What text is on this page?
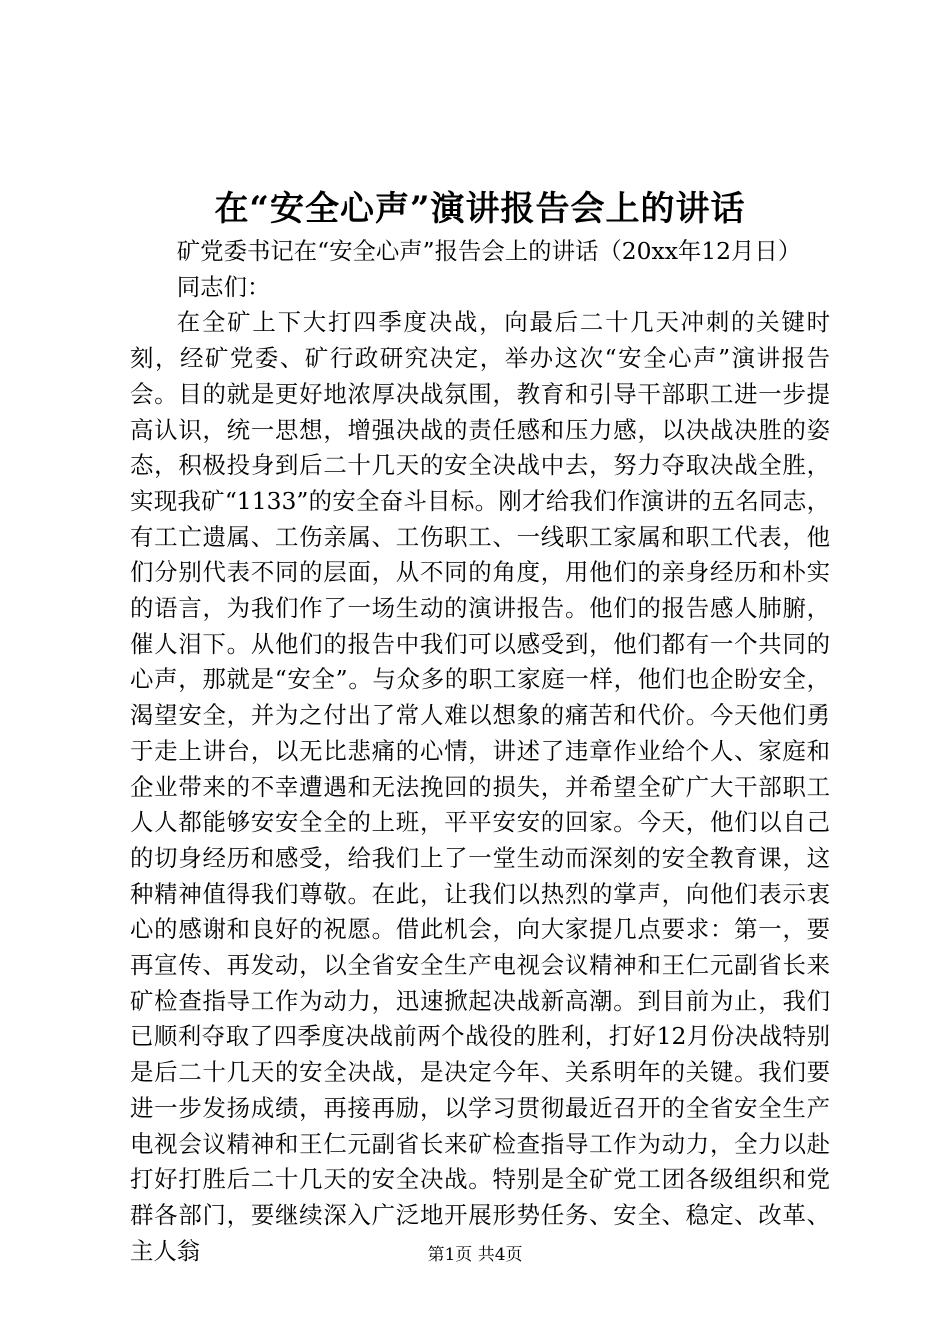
在“安全心声”演讲报告会上的讲话

矿党委书记在“安全心声”报告会上的讲话（20xx年12月日）

同志们：

在全矿上下大打四季度决战，向最后二十几天冲刺的关键时刻，经矿党委、矿行政研究决定，举办这次“安全心声”演讲报告会。目的就是更好地浓厚决战氛围，教育和引导干部职工进一步提高认识，统一思想，增强决战的责任感和压力感，以决战决胜的姿态，积极投身到后二十几天的安全决战中去，努力夺取决战全胜，实现我矿“1133”的安全奋斗目标。刚才给我们作演讲的五名同志，有工亡遗属、工伤亲属、工伤职工、一线职工家属和职工代表，他们分别代表不同的层面，从不同的角度，用他们的亲身经历和朴实的语言，为我们作了一场生动的演讲报告。他们的报告感人肺腑，催人泪下。从他们的报告中我们可以感受到，他们都有一个共同的心声，那就是“安全”。与众多的职工家庭一样，他们也企盼安全，渴望安全，并为之付出了常人难以想象的痛苦和代价。今天他们勇于走上讲台，以无比悲痛的心情，讲述了违章作业给个人、家庭和企业带来的不幸遭遇和无法挽回的损失，并希望全矿广大干部职工人人都能够安安全全的上班，平平安安的回家。今天，他们以自己的切身经历和感受，给我们上了一堂生动而深刻的安全教育课，这种精神值得我们尊敬。在此，让我们以热烈的掌声，向他们表示衷心的感谢和良好的祝愿。借此机会，向大家提几点要求：第一，要再宣传、再发动，以全省安全生产电视会议精神和王仁元副省长来矿检查指导工作为动力，迅速掀起决战新高潮。到目前为止，我们已顺利夺取了四季度决战前两个战役的胜利，打好12月份决战特别是后二十几天的安全决战，是决定今年、关系明年的关键。我们要进一步发扬成绩，再接再励，以学习贯彻最近召开的全省安全生产电视会议精神和王仁元副省长来矿检查指导工作为动力，全力以赴打好打胜后二十几天的安全决战。特别是全矿党工团各级组织和党群各部门，要继续深入广泛地开展形势任务、安全、稳定、改革、主人翁	第1页 共4页
